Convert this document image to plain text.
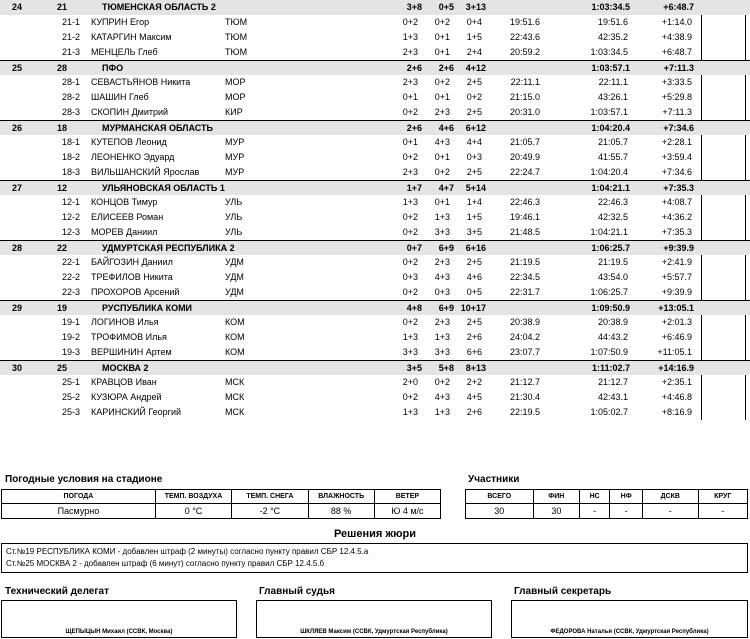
24	21	ТЮМЕНСКАЯ ОБЛАСТЬ 2	3+8	0+5	3+13	1:03:34.5	+6:48.7
21-1 КУПРИН Егор	ТЮМ	0+2	0+2	0+4	19:51.6	19:51.6	+1:14.0
21-2 КАТАРГИН Максим	ТЮМ	1+3	0+1	1+5	22:43.6	42:35.2	+4:38.9
21-3 МЕНЦЕЛЬ Глеб	ТЮМ	2+3	0+1	2+4	20:59.2	1:03:34.5	+6:48.7
25	28	ПФО	2+6	2+6	4+12	1:03:57.1	+7:11.3
28-1 СЕВАСТЬЯНОВ Никита	МОР	2+3	0+2	2+5	22:11.1	22:11.1	+3:33.5
28-2 ШАШИН Глеб	МОР	0+1	0+1	0+2	21:15.0	43:26.1	+5:29.8
28-3 СКОПИН Дмитрий	КИР	0+2	2+3	2+5	20:31.0	1:03:57.1	+7:11.3
26	18	МУРМАНСКАЯ ОБЛАСТЬ	2+6	4+6	6+12	1:04:20.4	+7:34.6
18-1 КУТЕПОВ Леонид	МУР	0+1	4+3	4+4	21:05.7	21:05.7	+2:28.1
18-2 ЛЕОНЕНКО Эдуард	МУР	0+2	0+1	0+3	20:49.9	41:55.7	+3:59.4
18-3 ВИЛЬШАНСКИЙ Ярослав	МУР	2+3	0+2	2+5	22:24.7	1:04:20.4	+7:34.6
27	12	УЛЬЯНОВСКАЯ ОБЛАСТЬ 1	1+7	4+7	5+14	1:04:21.1	+7:35.3
12-1 КОНЦОВ Тимур	УЛЬ	1+3	0+1	1+4	22:46.3	22:46.3	+4:08.7
12-2 ЕЛИСЕЕВ Роман	УЛЬ	0+2	1+3	1+5	19:46.1	42:32.5	+4:36.2
12-3 МОРЕВ Даниил	УЛЬ	0+2	3+3	3+5	21:48.5	1:04:21.1	+7:35.3
28	22	УДМУРТСКАЯ РЕСПУБЛИКА 2	0+7	6+9	6+16	1:06:25.7	+9:39.9
22-1 БАЙГОЗИН Даниил	УДМ	0+2	2+3	2+5	21:19.5	21:19.5	+2:41.9
22-2 ТРЕФИЛОВ Никита	УДМ	0+3	4+3	4+6	22:34.5	43:54.0	+5:57.7
22-3 ПРОХОРОВ Арсений	УДМ	0+2	0+3	0+5	22:31.7	1:06:25.7	+9:39.9
29	19	РУСПУБЛИКА КОМИ	4+8	6+9 10+17	1:09:50.9	+13:05.1
19-1 ЛОГИНОВ Илья	КОМ	0+2	2+3	2+5	20:38.9	20:38.9	+2:01.3
19-2 ТРОФИМОВ Илья	КОМ	1+3	1+3	2+6	24:04.2	44:43.2	+6:46.9
19-3 ВЕРШИНИН Артем	КОМ	3+3	3+3	6+6	23:07.7	1:07:50.9	+11:05.1
30	25	МОСКВА 2	3+5	5+8	8+13	1:11:02.7	+14:16.9
25-1 КРАВЦОВ Иван	МСК	2+0	0+2	2+2	21:12.7	21:12.7	+2:35.1
25-2 КУЗЮРА Андрей	МСК	0+2	4+3	4+5	21:30.4	42:43.1	+4:46.8
25-3 КАРИНСКИЙ Георгий	МСК	1+3	1+3	2+6	22:19.5	1:05:02.7	+8:16.9
Погодные условия на стадионе
ПОГОДА	ТЕМП. ВОЗДУХА	ТЕМП. СНЕГА	ВЛАЖНОСТЬ	ВЕТЕР
Пасмурно	0 °C	-2 °C	88 %	Ю 4 м/с
Участники
ВСЕГО	ФИН	НС	НФ	ДСКВ	КРУГ
30	30	-	-	-	-
Решения жюри
Ст.№19 РЕСПУБЛИКА КОМИ - добавлен штраф (2 минуты) согласно пункту правил СБР 12.4.5.а
Ст.№25 МОСКВА 2 - добавлен штраф (6 минут) согласно пункту правил СБР 12.4.5.б
Технический делегат
ЩЕПЫЦЫН Михаил (ССВК, Москва)
Главный судья
ШКЛЯЕВ Максим (ССВК, Удмуртская Республика)
Главный секретарь
ФЕДОРОВА Наталья (ССВК, Удмуртская Республика)
